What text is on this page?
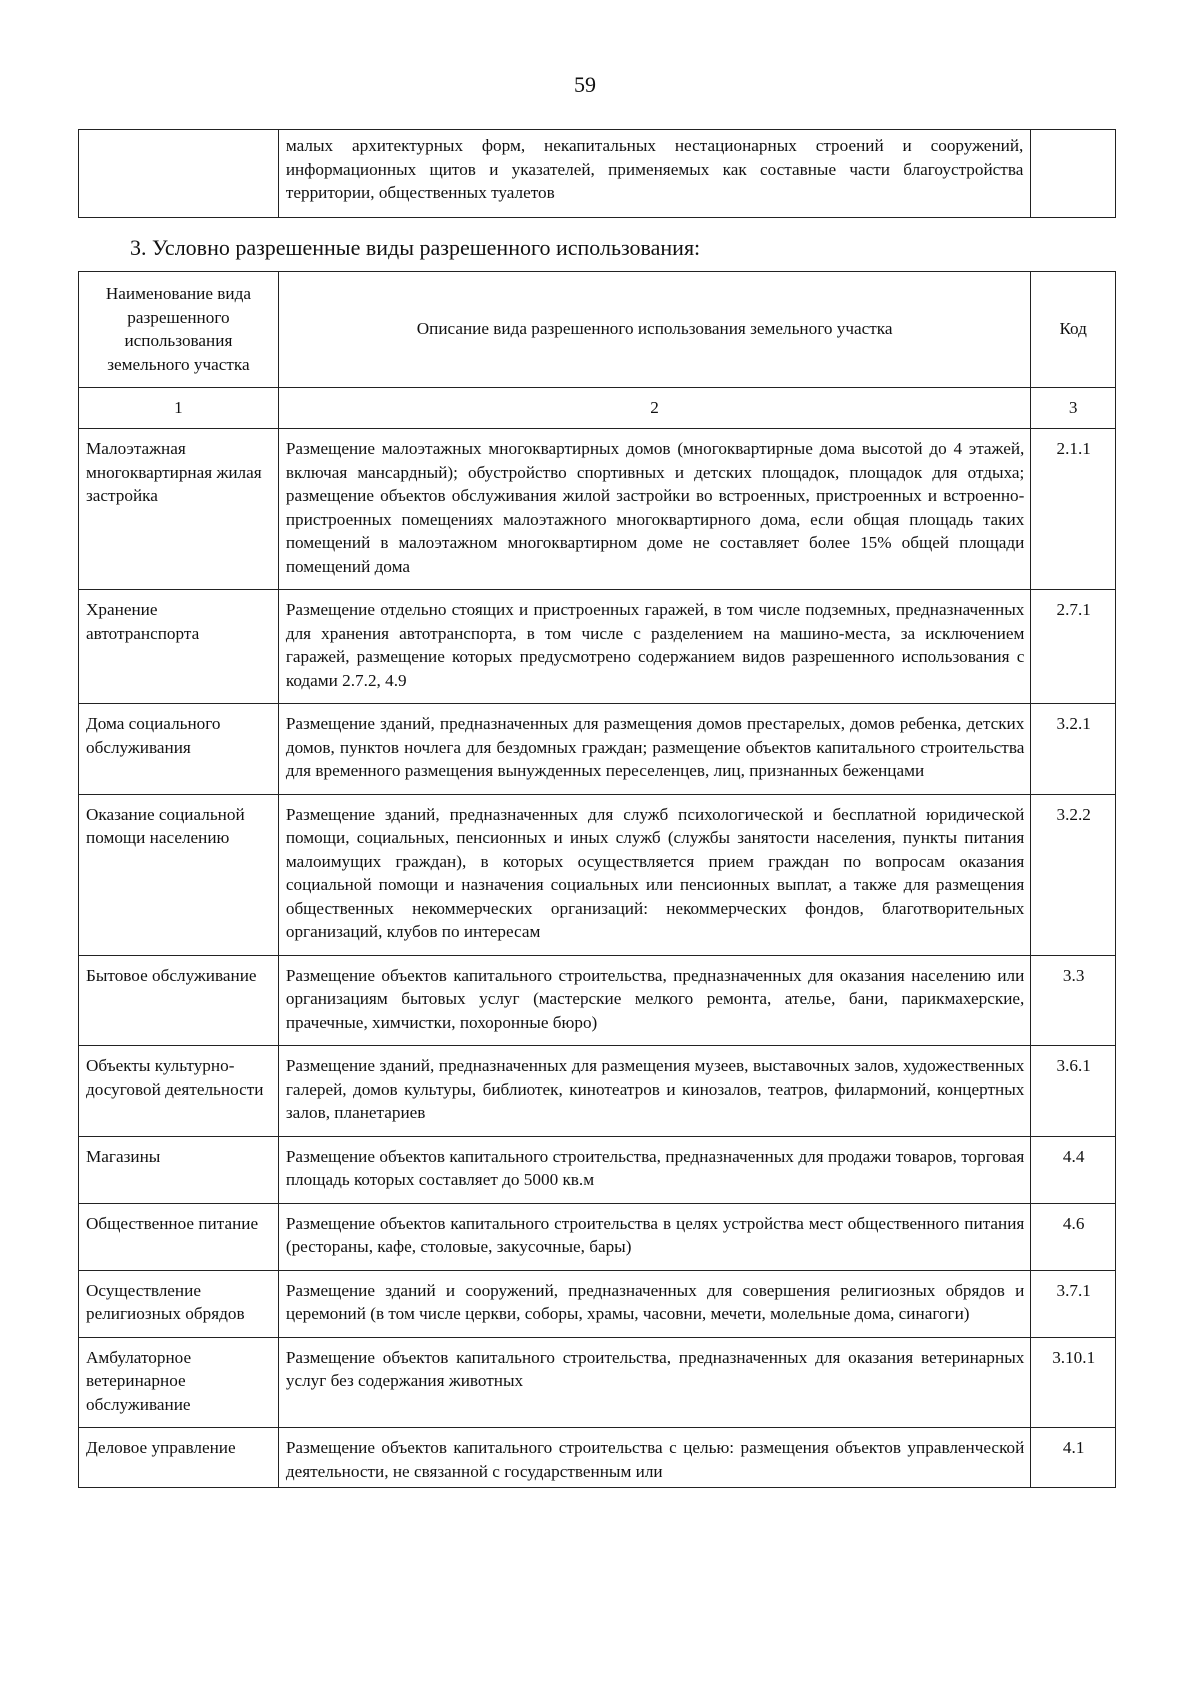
59
	малых архитектурных форм, некапитальных нестационарных строений и сооружений, информационных щитов и указателей, применяемых как составные части благоустройства территории, общественных туалетов	
3. Условно разрешенные виды разрешенного использования:
Наименование вида разрешенного использования земельного участка	Описание вида разрешенного использования земельного участка	Код
1	2	3
Малоэтажная многоквартирная жилая застройка	Размещение малоэтажных многоквартирных домов (многоквартирные дома высотой до 4 этажей, включая мансардный); обустройство спортивных и детских площадок, площадок для отдыха; размещение объектов обслуживания жилой застройки во встроенных, пристроенных и встроенно-пристроенных помещениях малоэтажного многоквартирного дома, если общая площадь таких помещений в малоэтажном многоквартирном доме не составляет более 15% общей площади помещений дома	2.1.1
Хранение автотранспорта	Размещение отдельно стоящих и пристроенных гаражей, в том числе подземных, предназначенных для хранения автотранспорта, в том числе с разделением на машино-места, за исключением гаражей, размещение которых предусмотрено содержанием видов разрешенного использования с кодами 2.7.2, 4.9	2.7.1
Дома социального обслуживания	Размещение зданий, предназначенных для размещения домов престарелых, домов ребенка, детских домов, пунктов ночлега для бездомных граждан; размещение объектов капитального строительства для временного размещения вынужденных переселенцев, лиц, признанных беженцами	3.2.1
Оказание социальной помощи населению	Размещение зданий, предназначенных для служб психологической и бесплатной юридической помощи, социальных, пенсионных и иных служб (службы занятости населения, пункты питания малоимущих граждан), в которых осуществляется прием граждан по вопросам оказания социальной помощи и назначения социальных или пенсионных выплат, а также для размещения общественных некоммерческих организаций: некоммерческих фондов, благотворительных организаций, клубов по интересам	3.2.2
Бытовое обслуживание	Размещение объектов капитального строительства, предназначенных для оказания населению или организациям бытовых услуг (мастерские мелкого ремонта, ателье, бани, парикмахерские, прачечные, химчистки, похоронные бюро)	3.3
Объекты культурно-досуговой деятельности	Размещение зданий, предназначенных для размещения музеев, выставочных залов, художественных галерей, домов культуры, библиотек, кинотеатров и кинозалов, театров, филармоний, концертных залов, планетариев	3.6.1
Магазины	Размещение объектов капитального строительства, предназначенных для продажи товаров, торговая площадь которых составляет до 5000 кв.м	4.4
Общественное питание	Размещение объектов капитального строительства в целях устройства мест общественного питания (рестораны, кафе, столовые, закусочные, бары)	4.6
Осуществление религиозных обрядов	Размещение зданий и сооружений, предназначенных для совершения религиозных обрядов и церемоний (в том числе церкви, соборы, храмы, часовни, мечети, молельные дома, синагоги)	3.7.1
Амбулаторное ветеринарное обслуживание	Размещение объектов капитального строительства, предназначенных для оказания ветеринарных услуг без содержания животных	3.10.1
Деловое управление	Размещение объектов капитального строительства с целью: размещения объектов управленческой деятельности, не связанной с государственным или	4.1
